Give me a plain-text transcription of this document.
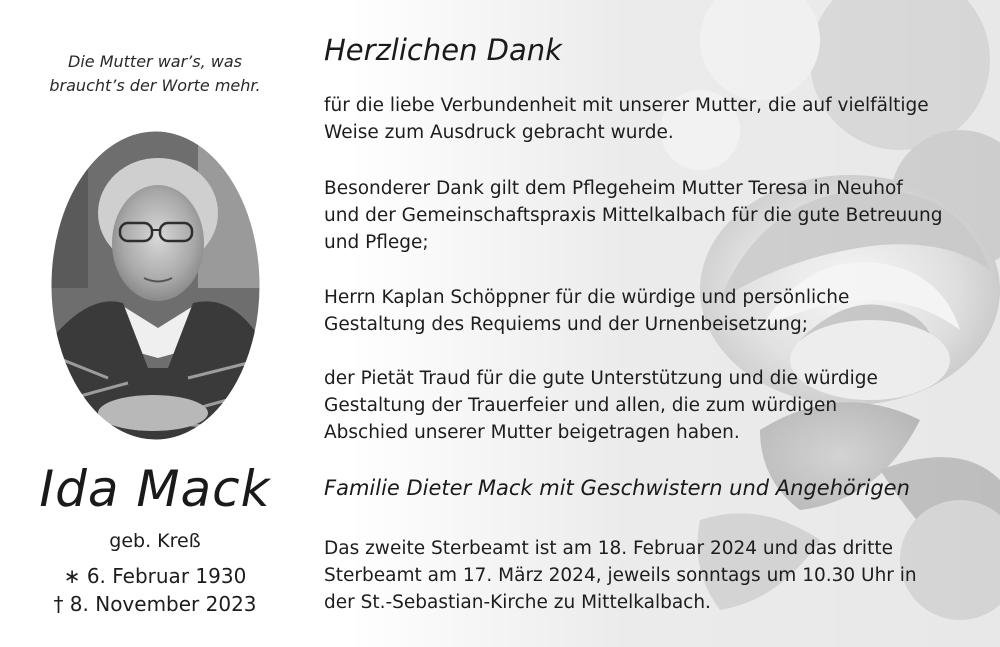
Die Mutter war’s, was
braucht’s der Worte mehr.
Ida Mack
geb. Kreß
∗ 6. Februar 1930
† 8. November 2023
Herzlichen Dank
für die liebe Verbundenheit mit unserer Mutter, die auf vielfältige
Weise zum Ausdruck gebracht wurde.
Besonderer Dank gilt dem Pflegeheim Mutter Teresa in Neuhof
und der Gemeinschaftspraxis Mittelkalbach für die gute Betreuung
und Pflege;
Herrn Kaplan Schöppner für die würdige und persönliche
Gestaltung des Requiems und der Urnenbeisetzung;
der Pietät Traud für die gute Unterstützung und die würdige
Gestaltung der Trauerfeier und allen, die zum würdigen
Abschied unserer Mutter beigetragen haben.
Familie Dieter Mack mit Geschwistern und Angehörigen
Das zweite Sterbeamt ist am 18. Februar 2024 und das dritte
Sterbeamt am 17. März 2024, jeweils sonntags um 10.30 Uhr in
der St.-Sebastian-Kirche zu Mittelkalbach.
